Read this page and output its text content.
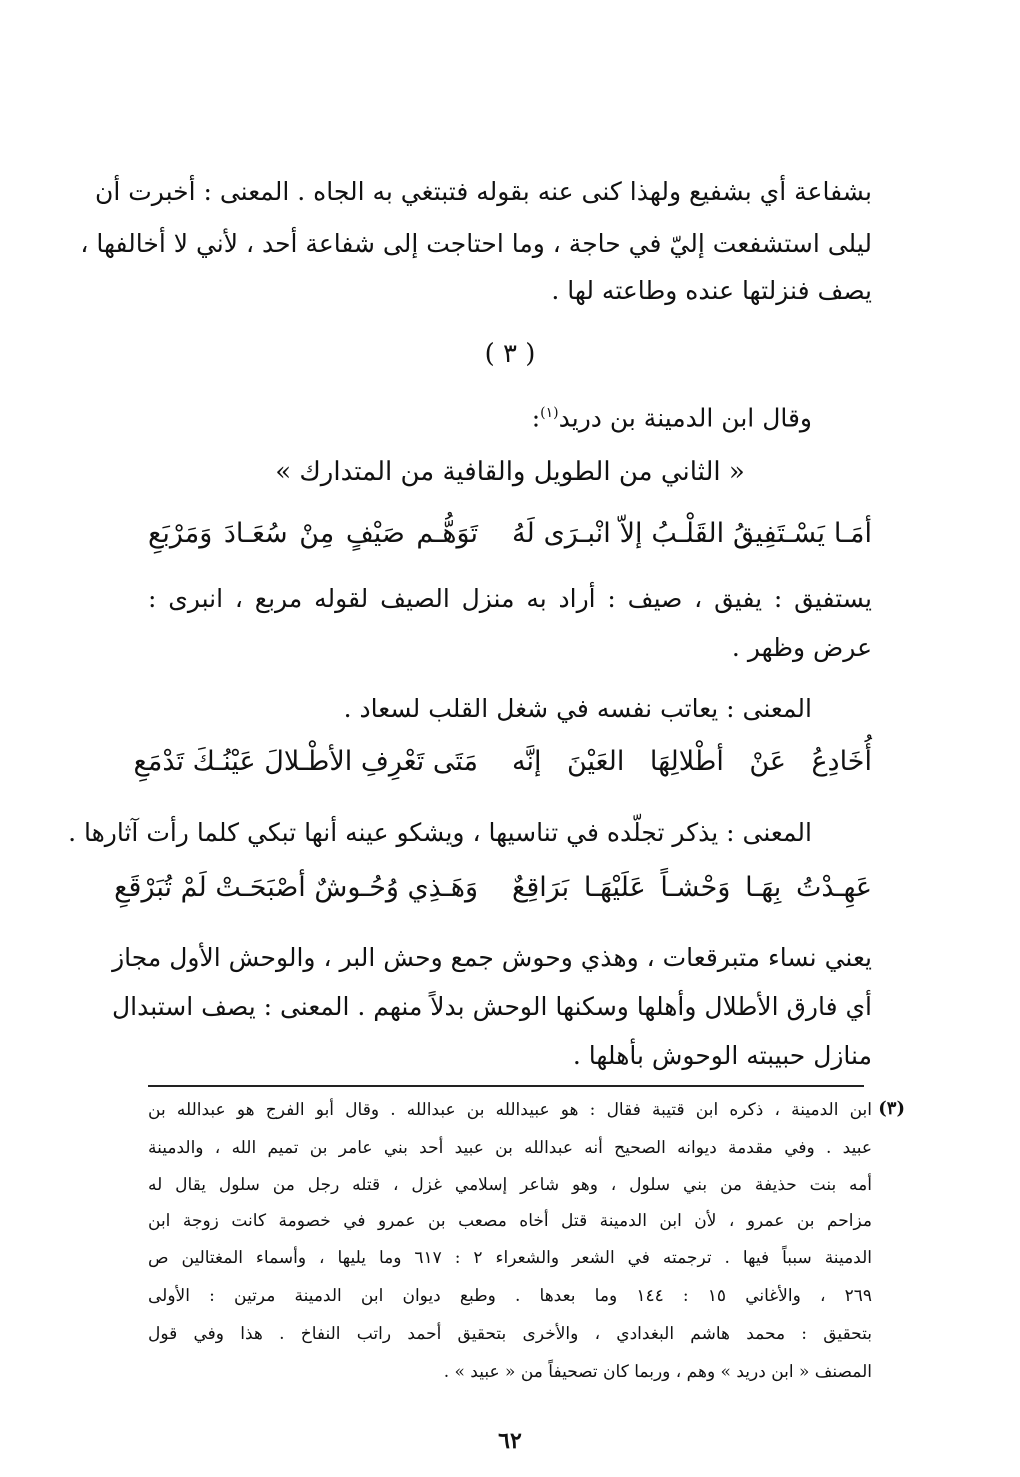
بشفاعة أي بشفيع ولهذا كنى عنه بقوله فتبتغي به الجاه . المعنى : أخبرت أن
ليلى استشفعت إليّ في حاجة ، وما احتاجت إلى شفاعة أحد ، لأني لا أخالفها ،
يصف فنزلتها عنده وطاعته لها .
( ٣ )
وقال ابن الدمينة بن دريد$^{(١)}$:
« الثاني من الطويل والقافية من المتدارك »
أمَـا يَسْـتَفِيقُ القَلْـبُ إلاّ انْبـرَى لَهُ
تَوَهُّـم صَيْفٍ مِنْ سُعَـادَ وَمَرْبَعِ
يستفيق : يفيق ، صيف : أراد به منزل الصيف لقوله مربع ، انبرى :
عرض وظهر .
المعنى : يعاتب نفسه في شغل القلب لسعاد .
أُخَادِعُ عَنْ أطْلالِهَا العَيْنَ إنَّه
مَتَى تَعْرِفِ الأطْـلالَ عَيْنُـكَ تَدْمَعِ
المعنى : يذكر تجلّده في تناسيها ، ويشكو عينه أنها تبكي كلما رأت آثارها .
عَهِـدْتُ بِهَـا وَحْشـاً عَلَيْهَـا بَرَاقِعٌ
وَهَـذِي وُحُـوشٌ أصْبَحَـتْ لَمْ تُبَرْقَعِ
يعني نساء متبرقعات ، وهذي وحوش جمع وحش البر ، والوحش الأول مجاز
أي فارق الأطلال وأهلها وسكنها الوحش بدلاً منهم . المعنى : يصف استبدال
منازل حبيبته الوحوش بأهلها .
(٣)
ابن الدمينة ، ذكره ابن قتيبة فقال : هو عبيدالله بن عبدالله . وقال أبو الفرج هو عبدالله بن
عبيد . وفي مقدمة ديوانه الصحيح أنه عبدالله بن عبيد أحد بني عامر بن تميم الله ، والدمينة
أمه بنت حذيفة من بني سلول ، وهو شاعر إسلامي غزل ، قتله رجل من سلول يقال له
مزاحم بن عمرو ، لأن ابن الدمينة قتل أخاه مصعب بن عمرو في خصومة كانت زوجة ابن
الدمينة سبباً فيها . ترجمته في الشعر والشعراء ٢ : ٦١٧ وما يليها ، وأسماء المغتالين ص
٢٦٩ ، والأغاني ١٥ : ١٤٤ وما بعدها . وطبع ديوان ابن الدمينة مرتين : الأولى
بتحقيق : محمد هاشم البغدادي ، والأخرى بتحقيق أحمد راتب النفاخ . هذا وفي قول
المصنف « ابن دريد » وهم ، وربما كان تصحيفاً من « عبيد » .
٦٢
